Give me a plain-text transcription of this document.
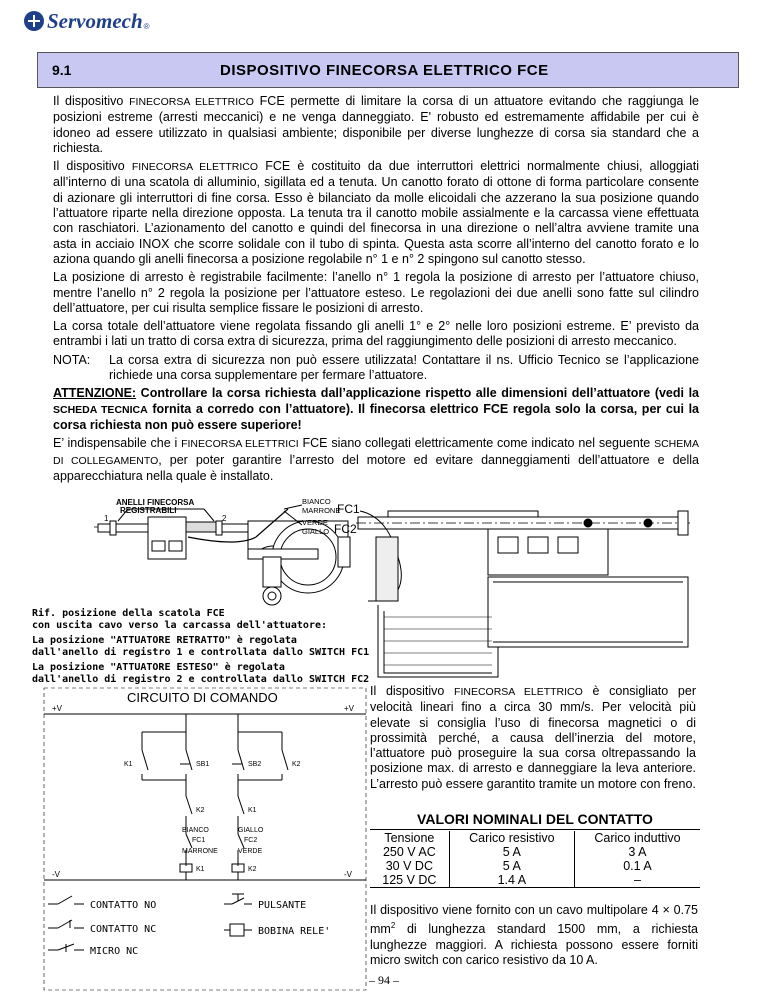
Servomech ®
9.1	DISPOSITIVO FINECORSA ELETTRICO FCE

Il dispositivo FINECORSA ELETTRICO FCE permette di limitare la corsa di un attuatore evitando che raggiunga le posizioni estreme (arresti meccanici) e ne venga danneggiato. E' robusto ed estremamente affidabile per cui è idoneo ad essere utilizzato in qualsiasi ambiente; disponibile per diverse lunghezze di corsa sia standard che a richiesta.

Il dispositivo FINECORSA ELETTRICO FCE è costituito da due interruttori elettrici normalmente chiusi, alloggiati all’interno di una scatola di alluminio, sigillata ed a tenuta. Un canotto forato di ottone di forma particolare consente di azionare gli interruttori di fine corsa. Esso è bilanciato da molle elicoidali che azzerano la sua posizione quando l’attuatore riparte nella direzione opposta. La tenuta tra il canotto mobile assialmente e la carcassa viene effettuata con raschiatori. L’azionamento del canotto e quindi del finecorsa in una direzione o nell’altra avviene tramite una asta in acciaio INOX che scorre solidale con il tubo di spinta. Questa asta scorre all’interno del canotto forato e lo aziona quando gli anelli finecorsa a posizione regolabile n° 1 e n° 2 spingono sul canotto stesso.

La posizione di arresto è registrabile facilmente: l’anello n° 1 regola la posizione di arresto per l’attuatore chiuso, mentre l’anello n° 2 regola la posizione per l’attuatore esteso. Le regolazioni dei due anelli sono fatte sul cilindro dell’attuatore, per cui risulta semplice fissare le posizioni di arresto.

La corsa totale dell’attuatore viene regolata fissando gli anelli 1° e 2° nelle loro posizioni estreme. E’ previsto da entrambi i lati un tratto di corsa extra di sicurezza, prima del raggiungimento delle posizioni di arresto meccanico.

NOTA:	La corsa extra di sicurezza non può essere utilizzata! Contattare il ns. Ufficio Tecnico se l’applicazione richiede una corsa supplementare per fermare l’attuatore.

ATTENZIONE: Controllare la corsa richiesta dall’applicazione rispetto alle dimensioni dell’attuatore (vedi la SCHEDA TECNICA fornita a corredo con l’attuatore). Il finecorsa elettrico FCE regola solo la corsa, per cui la corsa richiesta non può essere superiore!

E’ indispensabile che i FINECORSA ELETTRICI FCE siano collegati elettricamente come indicato nel seguente SCHEMA DI COLLEGAMENTO, per poter garantire l’arresto del motore ed evitare danneggiamenti dell’attuatore e della apparecchiatura nella quale è installato.

ANELLI FINECORSA
REGISTRABILI
1	2
BIANCO
MARRONE
FC1
VERDE
GIALLO FC2
Rif. posizione della scatola FCE
con uscita cavo verso la carcassa dell'attuatore:
La posizione "ATTUATORE RETRATTO" è regolata
dall'anello di registro 1 e controllata dallo SWITCH FC1
La posizione "ATTUATORE ESTESO" è regolata
dall'anello di registro 2 e controllata dallo SWITCH FC2
CIRCUITO DI COMANDO
+V	+V
-V	-V
K1	SB1	SB2	K2
K2	K1
BIANCO	GIALLO
FC1	FC2
MARRONE	VERDE
K1	K2
CONTATTO NO
CONTATTO NC
MICRO NC
PULSANTE
BOBINA RELE'
Il dispositivo FINECORSA ELETTRICO è consigliato per velocità lineari fino a circa 30 mm/s. Per velocità più elevate si consiglia l’uso di finecorsa magnetici o di prossimità perché, a causa dell’inerzia del motore, l’attuatore può proseguire la sua corsa oltrepassando la posizione max. di arresto e danneggiare la leva anteriore. L’arresto può essere garantito tramite un motore con freno.
VALORI NOMINALI DEL CONTATTO
Tensione	Carico resistivo	Carico induttivo
250 V AC	5 A	3 A
30 V DC	5 A	0.1 A
125 V DC	1.4 A	–
Il dispositivo viene fornito con un cavo multipolare 4 × 0.75 $mm^2$ di lunghezza standard 1500 mm, a richiesta lunghezze maggiori. A richiesta possono essere forniti micro switch con carico resistivo da 10 A.
– 94 –
